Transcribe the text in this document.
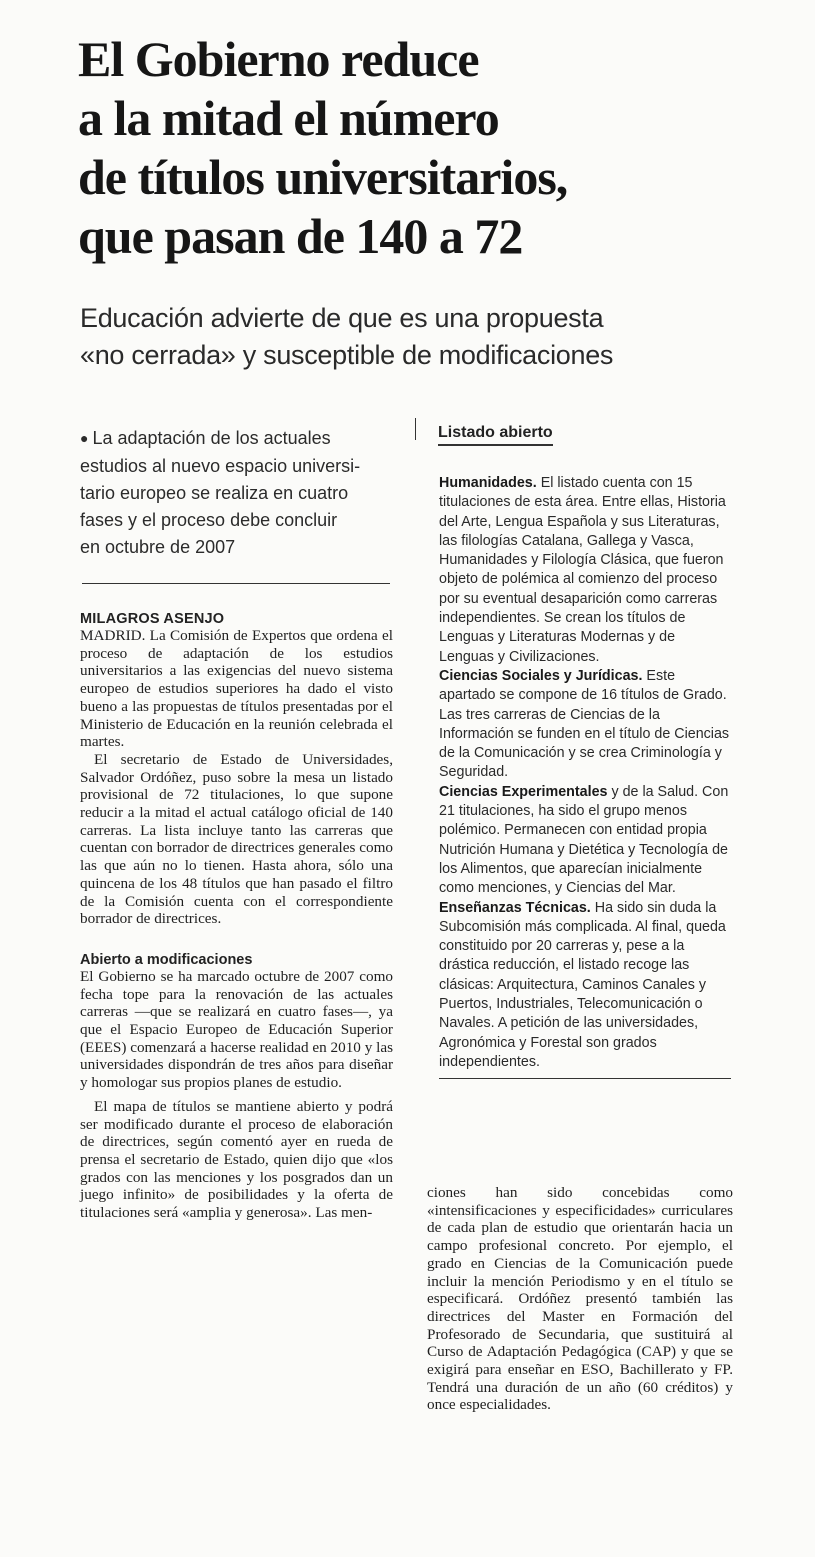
El Gobierno reduce
a la mitad el número
de títulos universitarios,
que pasan de 140 a 72
Educación advierte de que es una propuesta
«no cerrada» y susceptible de modificaciones
● La adaptación de los actuales
estudios al nuevo espacio universi-
tario europeo se realiza en cuatro
fases y el proceso debe concluir
en octubre de 2007
MILAGROS ASENJO

MADRID. La Comisión de Expertos que ordena el proceso de adaptación de los estudios universitarios a las exigencias del nuevo sistema europeo de estudios superiores ha dado el visto bueno a las propuestas de títulos presentadas por el Ministerio de Educación en la reunión celebrada el martes.

El secretario de Estado de Universidades, Salvador Ordóñez, puso sobre la mesa un listado provisional de 72 titulaciones, lo que supone reducir a la mitad el actual catálogo oficial de 140 carreras. La lista incluye tanto las carreras que cuentan con borrador de directrices generales como las que aún no lo tienen. Hasta ahora, sólo una quincena de los 48 títulos que han pasado el filtro de la Comisión cuenta con el correspondiente borrador de directrices.

Abierto a modificaciones

El Gobierno se ha marcado octubre de 2007 como fecha tope para la renovación de las actuales carreras —que se realizará en cuatro fases—, ya que el Espacio Europeo de Educación Superior (EEES) comenzará a hacerse realidad en 2010 y las universidades dispondrán de tres años para diseñar y homologar sus propios planes de estudio.

El mapa de títulos se mantiene abierto y podrá ser modificado durante el proceso de elaboración de directrices, según comentó ayer en rueda de prensa el secretario de Estado, quien dijo que «los grados con las menciones y los posgrados dan un juego infinito» de posibilidades y la oferta de titulaciones será «amplia y generosa». Las men-

Listado abierto

Humanidades. El listado cuenta con 15 titulaciones de esta área. Entre ellas, Historia del Arte, Lengua Española y sus Literaturas, las filologías Catalana, Gallega y Vasca, Humanidades y Filología Clásica, que fueron objeto de polémica al comienzo del proceso por su eventual desaparición como carreras independientes. Se crean los títulos de Lenguas y Literaturas Modernas y de Lenguas y Civilizaciones.

Ciencias Sociales y Jurídicas. Este apartado se compone de 16 títulos de Grado. Las tres carreras de Ciencias de la Información se funden en el título de Ciencias de la Comunicación y se crea Criminología y Seguridad.

Ciencias Experimentales y de la Salud. Con 21 titulaciones, ha sido el grupo menos polémico. Permanecen con entidad propia Nutrición Humana y Dietética y Tecnología de los Alimentos, que aparecían inicialmente como menciones, y Ciencias del Mar.

Enseñanzas Técnicas. Ha sido sin duda la Subcomisión más complicada. Al final, queda constituido por 20 carreras y, pese a la drástica reducción, el listado recoge las clásicas: Arquitectura, Caminos Canales y Puertos, Industriales, Telecomunicación o Navales. A petición de las universidades, Agronómica y Forestal son grados independientes.

ciones han sido concebidas como «intensificaciones y especificidades» curriculares de cada plan de estudio que orientarán hacia un campo profesional concreto. Por ejemplo, el grado en Ciencias de la Comunicación puede incluir la mención Periodismo y en el título se especificará. Ordóñez presentó también las directrices del Master en Formación del Profesorado de Secundaria, que sustituirá al Curso de Adaptación Pedagógica (CAP) y que se exigirá para enseñar en ESO, Bachillerato y FP. Tendrá una duración de un año (60 créditos) y once especialidades.
